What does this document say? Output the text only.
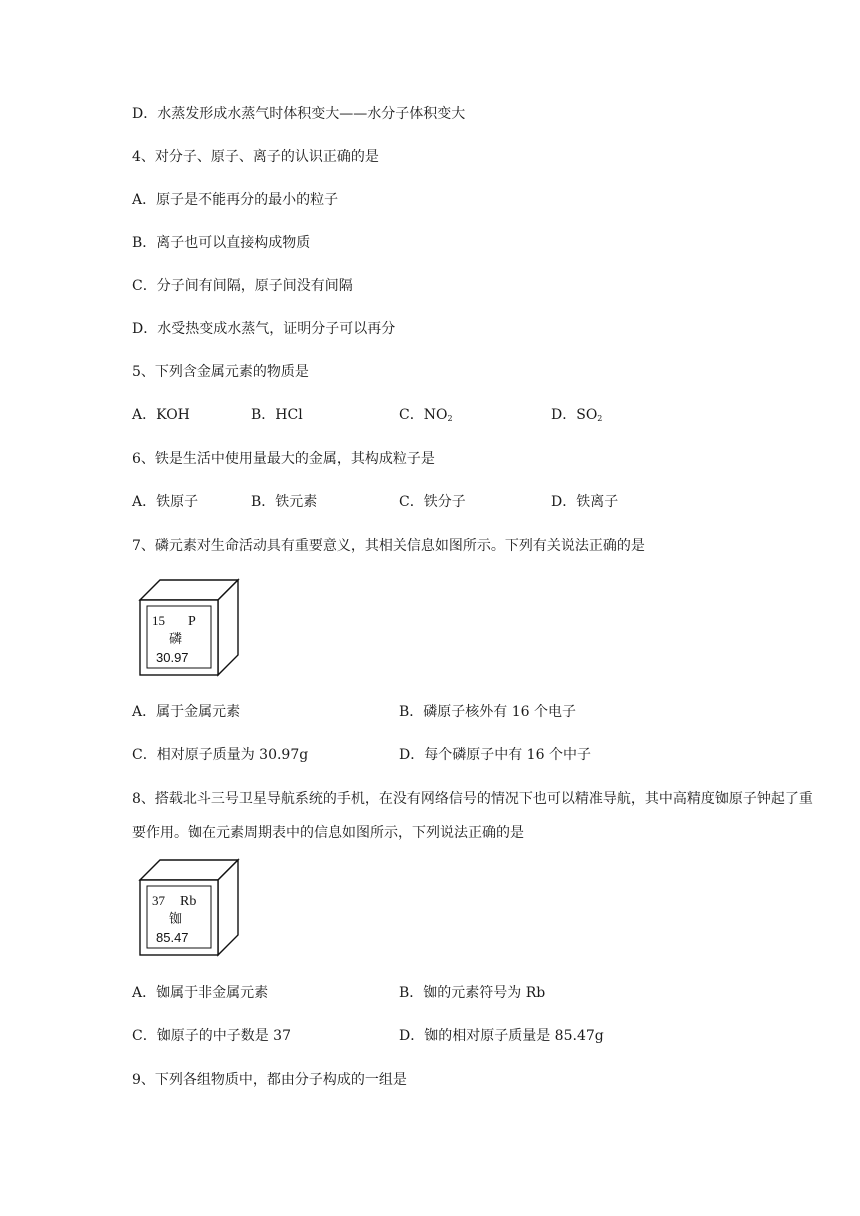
D．水蒸发形成水蒸气时体积变大——水分子体积变大
4、对分子、原子、离子的认识正确的是
A．原子是不能再分的最小的粒子
B．离子也可以直接构成物质
C．分子间有间隔，原子间没有间隔
D．水受热变成水蒸气，证明分子可以再分
5、下列含金属元素的物质是
A．KOH	B．HCl	C．$NO_2$	D．$SO_2$
6、铁是生活中使用量最大的金属，其构成粒子是
A．铁原子	B．铁元素	C．铁分子	D．铁离子
7、磷元素对生命活动具有重要意义，其相关信息如图所示。下列有关说法正确的是
15 P
磷
30.97
A．属于金属元素	B．磷原子核外有 16 个电子
C．相对原子质量为 30.97g	D．每个磷原子中有 16 个中子
8、搭载北斗三号卫星导航系统的手机，在没有网络信号的情况下也可以精准导航，其中高精度铷原子钟起了重要作用。铷在元素周期表中的信息如图所示，下列说法正确的是
37 Rb
铷
85.47
A．铷属于非金属元素	B．铷的元素符号为 Rb
C．铷原子的中子数是 37	D．铷的相对原子质量是 85.47g
9、下列各组物质中，都由分子构成的一组是
